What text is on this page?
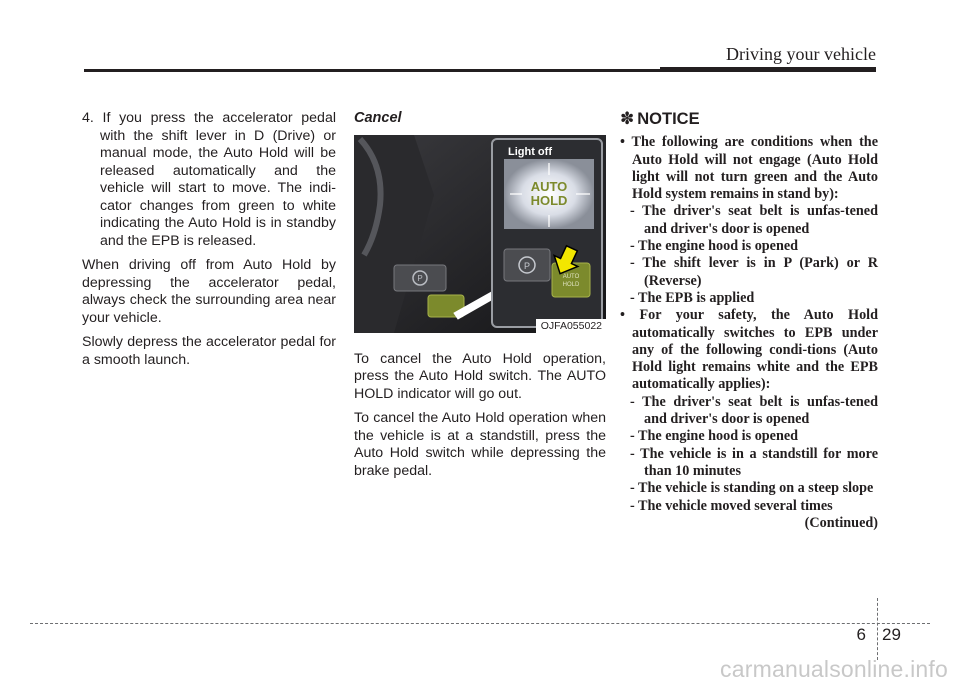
Driving your vehicle

4. If you press the accelerator pedal with the shift lever in D (Drive) or manual mode, the Auto Hold will be released automatically and the vehicle will start to move. The indi-cator changes from green to white indicating the Auto Hold is in standby and the EPB is released.

When driving off from Auto Hold by depressing the accelerator pedal, always check the surrounding area near your vehicle.

Slowly depress the accelerator pedal for a smooth launch.

Cancel

P
AUTO
HOLD
Light off
P
AUTO
HOLD
OJFA055022

To cancel the Auto Hold operation, press the Auto Hold switch. The AUTO HOLD indicator will go out.

To cancel the Auto Hold operation when the vehicle is at a standstill, press the Auto Hold switch while depressing the brake pedal.

✽ NOTICE

• The following are conditions when the Auto Hold will not engage (Auto Hold light will not turn green and the Auto Hold system remains in stand by):

- The driver's seat belt is unfas-tened and driver's door is opened

- The engine hood is opened

- The shift lever is in P (Park) or R (Reverse)

- The EPB is applied

• For your safety, the Auto Hold automatically switches to EPB under any of the following condi-tions (Auto Hold light remains white and the EPB automatically applies):

- The driver's seat belt is unfas-tened and driver's door is opened

- The engine hood is opened

- The vehicle is in a standstill for more than 10 minutes

- The vehicle is standing on a steep slope

- The vehicle moved several times

(Continued)

6 29
carmanualsonline.info
